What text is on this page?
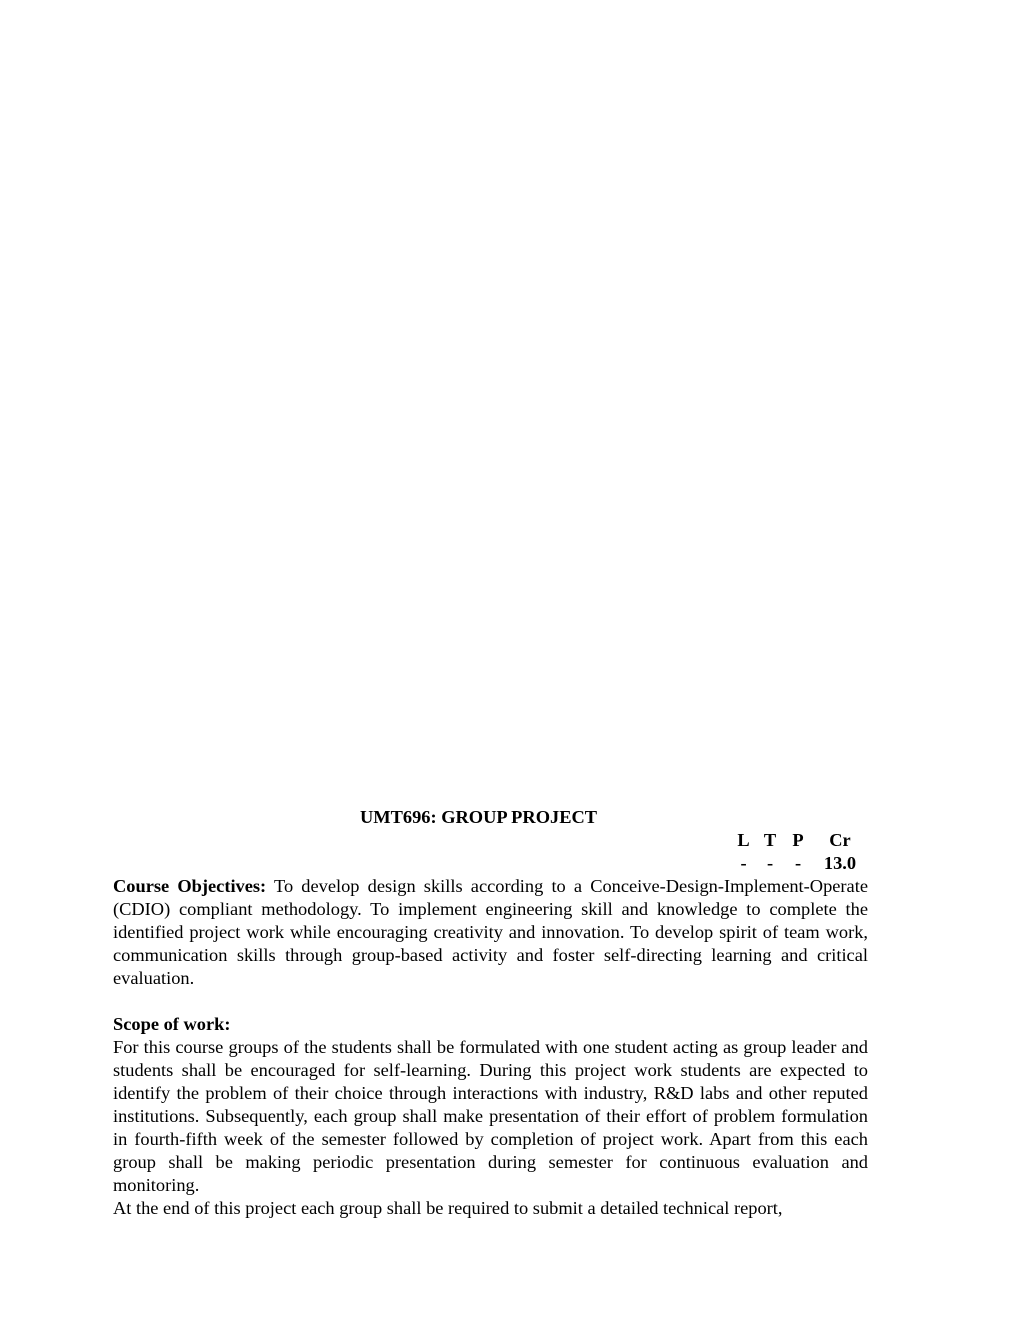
UMT696: GROUP PROJECT

L	T	P	Cr
-	-	-	13.0

Course Objectives: To develop design skills according to a Conceive-Design-Implement-Operate (CDIO) compliant methodology. To implement engineering skill and knowledge to complete the identified project work while encouraging creativity and innovation. To develop spirit of team work, communication skills through group-based activity and foster self-directing learning and critical evaluation.

Scope of work:

For this course groups of the students shall be formulated with one student acting as group leader and students shall be encouraged for self-learning. During this project work students are expected to identify the problem of their choice through interactions with industry, R&D labs and other reputed institutions. Subsequently, each group shall make presentation of their effort of problem formulation in fourth-fifth week of the semester followed by completion of project work. Apart from this each group shall be making periodic presentation during semester for continuous evaluation and monitoring.

At the end of this project each group shall be required to submit a detailed technical report,
